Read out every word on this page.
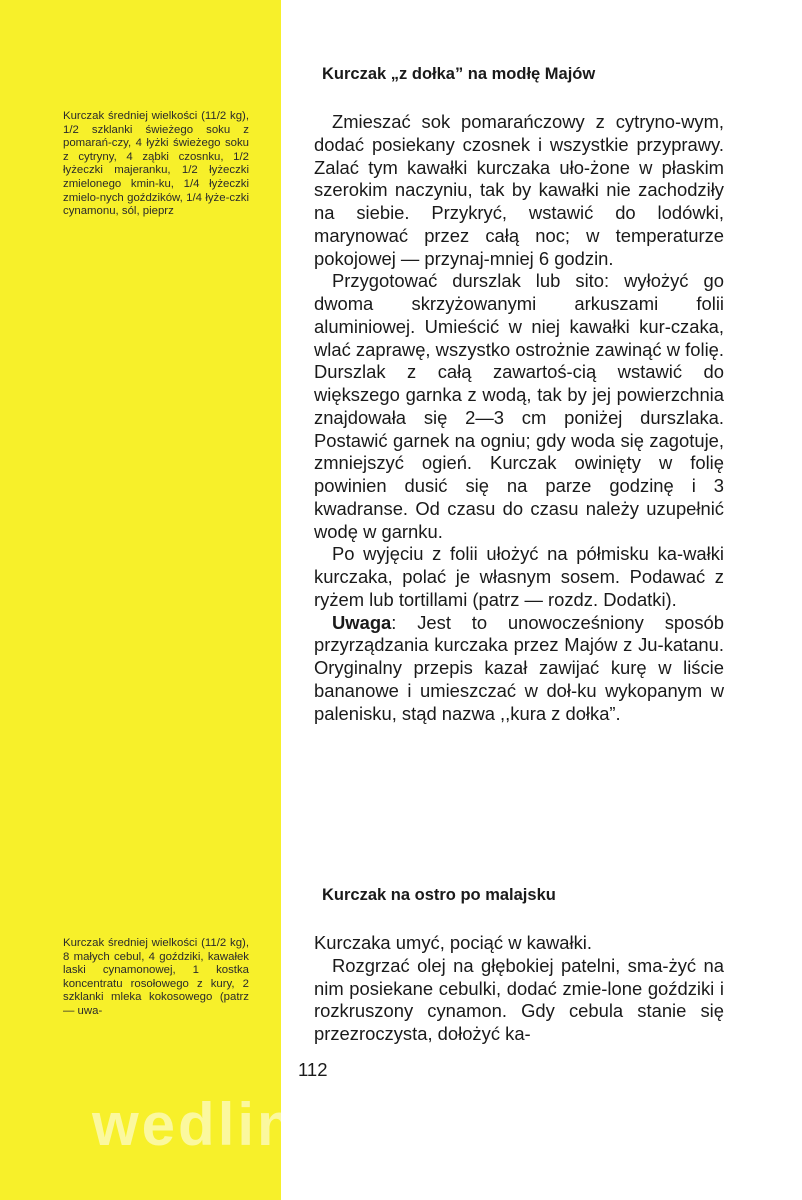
Kurczak średniej wielkości (11/2 kg), 1/2 szklanki świeżego soku z pomarań-czy, 4 łyżki świeżego soku z cytryny, 4 ząbki czosnku, 1/2 łyżeczki majeranku, 1/2 łyżeczki zmielonego kmin-ku, 1/4 łyżeczki zmielo-nych goździków, 1/4 łyże-czki cynamonu, sól, pieprz
Kurczak „z dołka” na modłę Majów

Zmieszać sok pomarańczowy z cytryno-wym, dodać posiekany czosnek i wszystkie przyprawy. Zalać tym kawałki kurczaka uło-żone w płaskim szerokim naczyniu, tak by kawałki nie zachodziły na siebie. Przykryć, wstawić do lodówki, marynować przez całą noc; w temperaturze pokojowej — przynaj-mniej 6 godzin.

Przygotować durszlak lub sito: wyłożyć go dwoma skrzyżowanymi arkuszami folii aluminiowej. Umieścić w niej kawałki kur-czaka, wlać zaprawę, wszystko ostrożnie zawinąć w folię. Durszlak z całą zawartoś-cią wstawić do większego garnka z wodą, tak by jej powierzchnia znajdowała się 2—3 cm poniżej durszlaka. Postawić garnek na ogniu; gdy woda się zagotuje, zmniejszyć ogień. Kurczak owinięty w folię powinien dusić się na parze godzinę i 3 kwadranse. Od czasu do czasu należy uzupełnić wodę w garnku.

Po wyjęciu z folii ułożyć na półmisku ka-wałki kurczaka, polać je własnym sosem. Podawać z ryżem lub tortillami (patrz — rozdz. Dodatki).

Uwaga: Jest to unowocześniony sposób przyrządzania kurczaka przez Majów z Ju-katanu. Oryginalny przepis kazał zawijać kurę w liście bananowe i umieszczać w doł-ku wykopanym w palenisku, stąd nazwa ,,kura z dołka”.

Kurczak na ostro po malajsku
Kurczak średniej wielkości (11/2 kg), 8 małych cebul, 4 goździki, kawałek laski cynamonowej, 1 kostka koncentratu rosołowego z kury, 2 szklanki mleka kokosowego (patrz — uwa-

Kurczaka umyć, pociąć w kawałki.

Rozgrzać olej na głębokiej patelni, sma-żyć na nim posiekane cebulki, dodać zmie-lone goździki i rozkruszony cynamon. Gdy cebula stanie się przezroczysta, dołożyć ka-

112
wedlinydomowe.pl
